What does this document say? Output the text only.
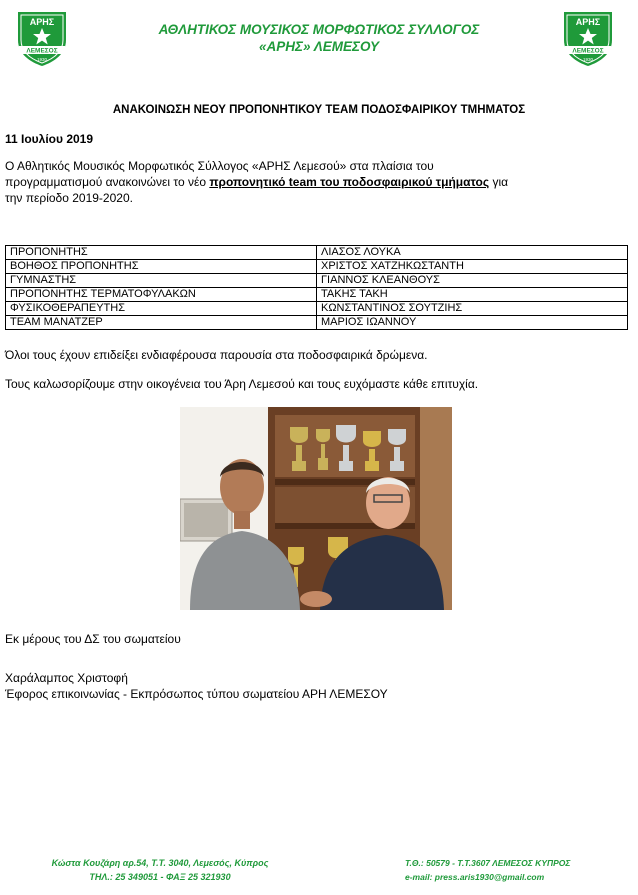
ΑΡΗΣ
ΛΕΜΕΣΟΣ
1930
ΑΡΗΣ
ΛΕΜΕΣΟΣ
1930
ΑΘΛΗΤΙΚΟΣ ΜΟΥΣΙΚΟΣ ΜΟΡΦΩΤΙΚΟΣ ΣΥΛΛΟΓΟΣ
«ΑΡΗΣ» ΛΕΜΕΣΟΥ
ΑΝΑΚΟΙΝΩΣΗ ΝΕΟΥ ΠΡΟΠΟΝΗΤΙΚΟΥ TEAM ΠΟΔΟΣΦΑΙΡΙΚΟΥ ΤΜΗΜΑΤΟΣ
11 Ιουλίου 2019
Ο Αθλητικός Μουσικός Μορφωτικός Σύλλογος «ΑΡΗΣ Λεμεσού» στα πλαίσια του
προγραμματισμού ανακοινώνει το νέο προπονητικό team του ποδοσφαιρικού τμήματος για
την περίοδο 2019-2020.
ΠΡΟΠΟΝΗΤΗΣ	ΛΙΑΣΟΣ ΛΟΥΚΑ
ΒΟΗΘΟΣ ΠΡΟΠΟΝΗΤΗΣ	ΧΡΙΣΤΟΣ ΧΑΤΖΗΚΩΣΤΑΝΤΗ
ΓΥΜΝΑΣΤΗΣ	ΓΙΑΝΝΟΣ ΚΛΕΑΝΘΟΥΣ
ΠΡΟΠΟΝΗΤΗΣ ΤΕΡΜΑΤΟΦΥΛΑΚΩΝ	ΤΑΚΗΣ ΤΑΚΗ
ΦΥΣΙΚΟΘΕΡΑΠΕΥΤΗΣ	ΚΩΝΣΤΑΝΤΙΝΟΣ ΣΟΥΤΖΙΗΣ
TEAM ΜΑΝΑΤΖΕΡ	ΜΑΡΙΟΣ ΙΩΑΝΝΟΥ
Όλοι τους έχουν επιδείξει ενδιαφέρουσα παρουσία στα ποδοσφαιρικά δρώμενα.
Τους καλωσορίζουμε στην οικογένεια του Άρη Λεμεσού και τους ευχόμαστε κάθε επιτυχία.
Εκ μέρους του ΔΣ του σωματείου
Χαράλαμπος Χριστοφή
Έφορος επικοινωνίας - Εκπρόσωπος τύπου σωματείου ΑΡΗ ΛΕΜΕΣΟΥ
Κώστα Κουζάρη αρ.54, Τ.Τ. 3040, Λεμεσός, Κύπρος
ΤΗΛ.: 25 349051 - ΦΑΞ 25 321930
Τ.Θ.: 50579 - Τ.Τ.3607 ΛΕΜΕΣΟΣ ΚΥΠΡΟΣ
e-mail: press.aris1930@gmail.com
